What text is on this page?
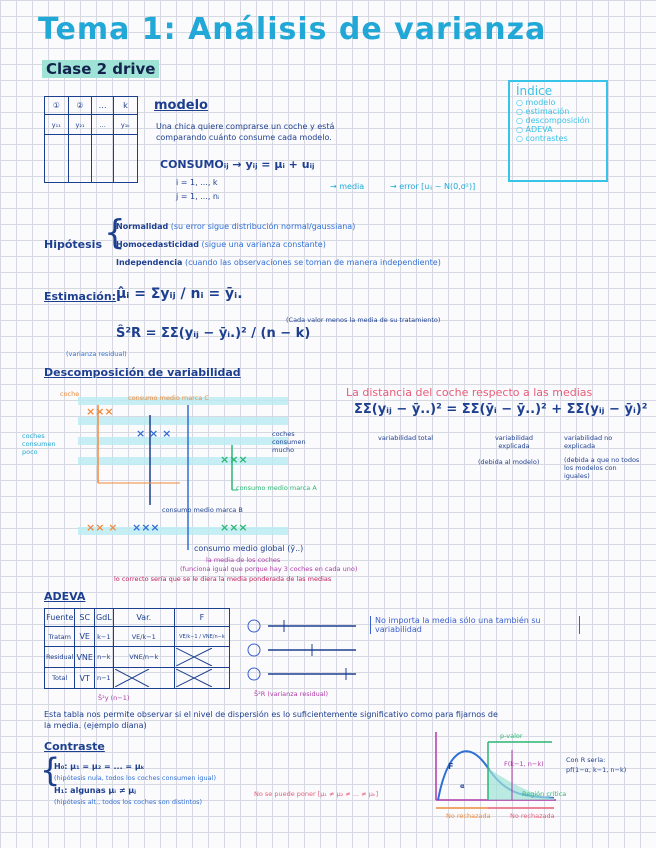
Tema 1: Análisis de varianza
Clase 2 drive
Índice
○ modelo
○ estimación
○ descomposición
○ ADEVA
○ contrastes
①	②	…	k
y₁₁	y₂₁	…	y₁ₖ

modelo
Una chica quiere comprarse un coche y está
comparando cuánto consume cada modelo.
CONSUMOᵢⱼ → yᵢⱼ = μᵢ + uᵢⱼ
i = 1, ..., k
j = 1, ..., nᵢ
→ media	→ error [uᵢⱼ ~ N(0,σ²)]
Hipótesis {
Normalidad (su error sigue distribución normal/gaussiana)
Homocedasticidad (sigue una varianza constante)
Independencia (cuando las observaciones se toman de manera independiente)
Estimación: μ̂ᵢ = Σyᵢⱼ / nᵢ = ȳᵢ.
(Cada valor menos la media de su tratamiento)
Ŝ²R = ΣΣ(yᵢⱼ − ȳᵢ.)² / (n − k)
(varianza residual)
Descomposición de variabilidad
×××
× × ×
×××
×× × ×××	×××
coche	consumo medio marca C
coches consumen poco
coches consumen mucho
consumo medio marca A
consumo medio marca B
consumo medio global (ȳ..)
la media de los coches
(funciona igual que porque hay 3 coches en cada uno)
lo correcto sería que se le diera la media ponderada de las medias
La distancia del coche respecto a las medias
ΣΣ(yᵢⱼ − ȳ..)² = ΣΣ(ȳᵢ − ȳ..)² + ΣΣ(yᵢⱼ − ȳᵢ)²
variabilidad total	variabilidad explicada
(debida al modelo)
variabilidad no explicada
(debida a que no todos los modelos con iguales)
ADEVA
Fuente	SC	GdL	Var.	F
Tratam	VE	k−1	VE/k−1	VE/k−1 / VNE/n−k
Residual	VNE	n−k	VNE/n−k	

Total	VT	n−1	

Ŝ²y (n−1)	Ŝ²R (varianza residual)
No importa la media sólo una también su variabilidad
Esta tabla nos permite observar si el nivel de dispersión es lo suficientemente significativo como para fijarnos de
la media. (ejemplo diana)
Contraste
{
H₀: μ₁ = μ₂ = ... = μₖ
(hipótesis nula, todos los coches consumen igual)
H₁: algunas μᵢ ≠ μⱼ
(hipótesis alt., todos los coches son distintos)
No se puede poner [μ₁ ≠ μ₂ ≠ ... ≠ μₖ]
p-valor
F
α
F(k−1, n−k)
Región crítica
No rechazada	No rechazada
Con R sería:
pf(1−α, k−1, n−k)
